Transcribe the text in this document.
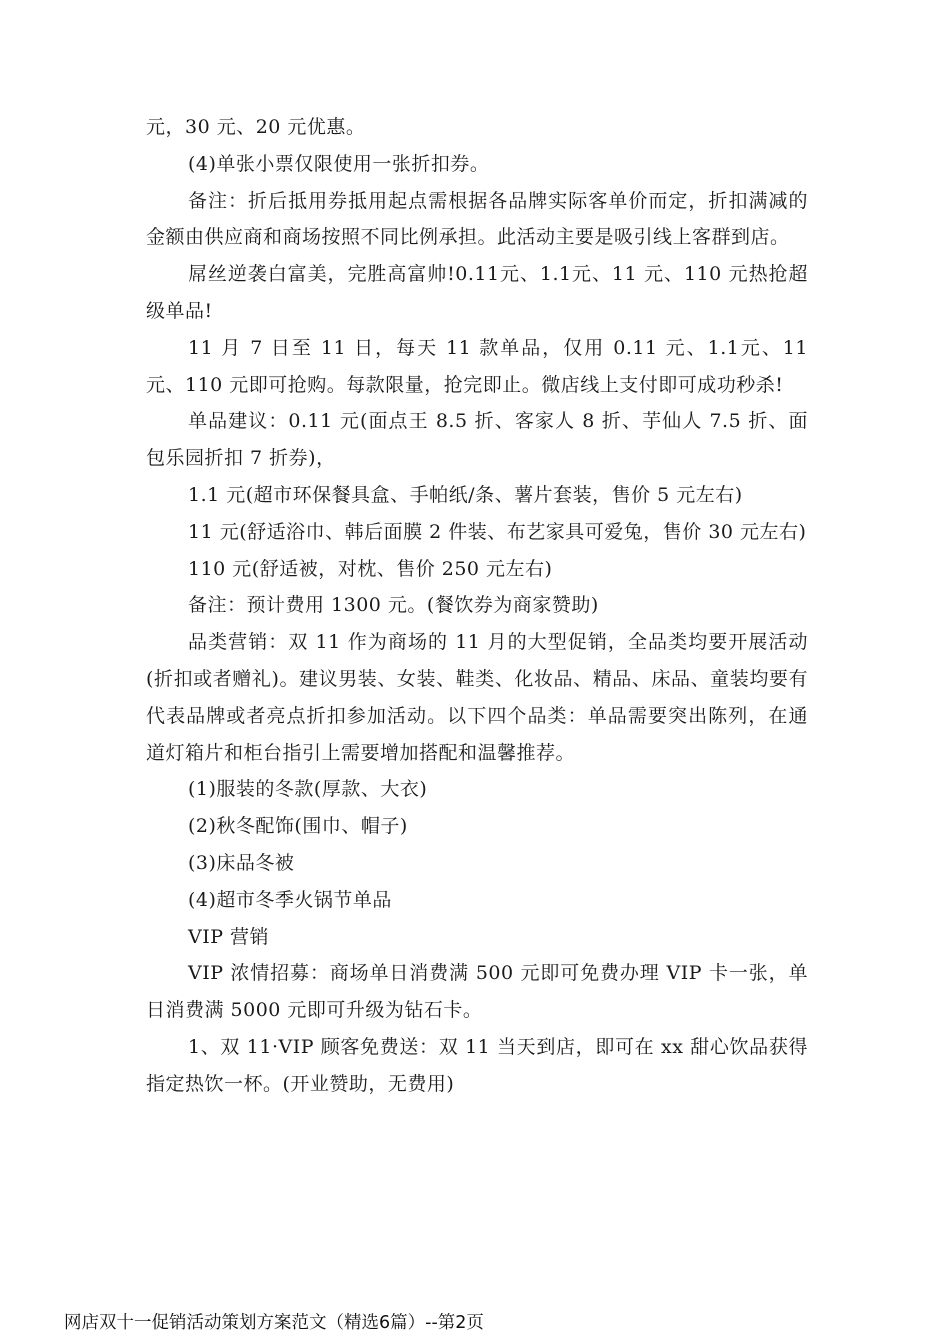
元，30 元、20 元优惠。

(4)单张小票仅限使用一张折扣券。

备注：折后抵用券抵用起点需根据各品牌实际客单价而定，折扣满减的金额由供应商和商场按照不同比例承担。此活动主要是吸引线上客群到店。

屌丝逆袭白富美，完胜高富帅!0.11元、1.1元、11 元、110 元热抢超级单品!

11 月 7 日至 11 日，每天 11 款单品，仅用 0.11 元、1.1元、11 元、110 元即可抢购。每款限量，抢完即止。微店线上支付即可成功秒杀!

单品建议：0.11 元(面点王 8.5 折、客家人 8 折、芋仙人 7.5 折、面包乐园折扣 7 折券)，

1.1 元(超市环保餐具盒、手帕纸/条、薯片套装，售价 5 元左右)

11 元(舒适浴巾、韩后面膜 2 件装、布艺家具可爱兔，售价 30 元左右)

110 元(舒适被，对枕、售价 250 元左右)

备注：预计费用 1300 元。(餐饮券为商家赞助)

品类营销：双 11 作为商场的 11 月的大型促销，全品类均要开展活动(折扣或者赠礼)。建议男装、女装、鞋类、化妆品、精品、床品、童装均要有代表品牌或者亮点折扣参加活动。以下四个品类：单品需要突出陈列，在通道灯箱片和柜台指引上需要增加搭配和温馨推荐。

(1)服装的冬款(厚款、大衣)

(2)秋冬配饰(围巾、帽子)

(3)床品冬被

(4)超市冬季火锅节单品

VIP 营销

VIP 浓情招募：商场单日消费满 500 元即可免费办理 VIP 卡一张，单日消费满 5000 元即可升级为钻石卡。

1、双 11·VIP 顾客免费送：双 11 当天到店，即可在 xx 甜心饮品获得指定热饮一杯。(开业赞助，无费用)

网店双十一促销活动策划方案范文（精选6篇）--第2页
